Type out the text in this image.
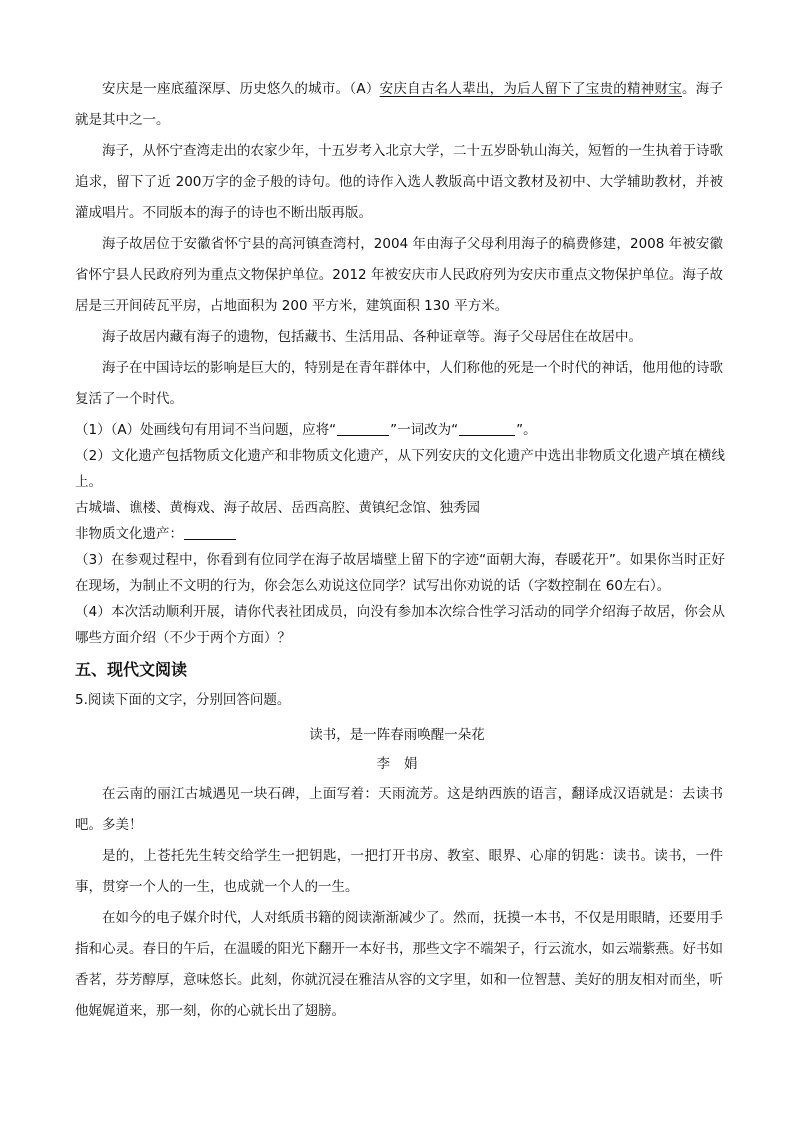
安庆是一座底蕴深厚、历史悠久的城市。（A）安庆自古名人辈出，为后人留下了宝贵的精神财宝。海子就是其中之一。

海子，从怀宁查湾走出的农家少年，十五岁考入北京大学，二十五岁卧轨山海关，短暂的一生执着于诗歌追求，留下了近 200万字的金子般的诗句。他的诗作入选人教版高中语文教材及初中、大学辅助教材，并被灌成唱片。不同版本的海子的诗也不断出版再版。

海子故居位于安徽省怀宁县的高河镇查湾村，2004 年由海子父母利用海子的稿费修建，2008 年被安徽省怀宁县人民政府列为重点文物保护单位。2012 年被安庆市人民政府列为安庆市重点文物保护单位。海子故居是三开间砖瓦平房，占地面积为 200 平方米，建筑面积 130 平方米。

海子故居内藏有海子的遗物，包括藏书、生活用品、各种证章等。海子父母居住在故居中。

海子在中国诗坛的影响是巨大的，特别是在青年群体中，人们称他的死是一个时代的神话，他用他的诗歌复活了一个时代。

（1）（A）处画线句有用词不当问题，应将“	”一词改为“	”。

（2）文化遗产包括物质文化遗产和非物质文化遗产，从下列安庆的文化遗产中选出非物质文化遗产填在横线上。

古城墙、谯楼、黄梅戏、海子故居、岳西高腔、黄镇纪念馆、独秀园

非物质文化遗产：

（3）在参观过程中，你看到有位同学在海子故居墙壁上留下的字迹“面朝大海，春暖花开”。如果你当时正好在现场，为制止不文明的行为，你会怎么劝说这位同学？试写出你劝说的话（字数控制在 60左右）。

（4）本次活动顺利开展，请你代表社团成员，向没有参加本次综合性学习活动的同学介绍海子故居，你会从哪些方面介绍（不少于两个方面）？

五、现代文阅读

5.阅读下面的文字，分别回答问题。

读书，是一阵春雨唤醒一朵花

李娟

在云南的丽江古城遇见一块石碑，上面写着：天雨流芳。这是纳西族的语言，翻译成汉语就是：去读书吧。多美！

是的，上苍托先生转交给学生一把钥匙，一把打开书房、教室、眼界、心扉的钥匙：读书。读书，一件事，贯穿一个人的一生，也成就一个人的一生。

在如今的电子媒介时代，人对纸质书籍的阅读渐渐减少了。然而，抚摸一本书，不仅是用眼睛，还要用手指和心灵。春日的午后，在温暖的阳光下翻开一本好书，那些文字不端架子，行云流水，如云端紫燕。好书如香茗，芬芳醇厚，意味悠长。此刻，你就沉浸在雅洁从容的文字里，如和一位智慧、美好的朋友相对而坐，听他娓娓道来，那一刻，你的心就长出了翅膀。
